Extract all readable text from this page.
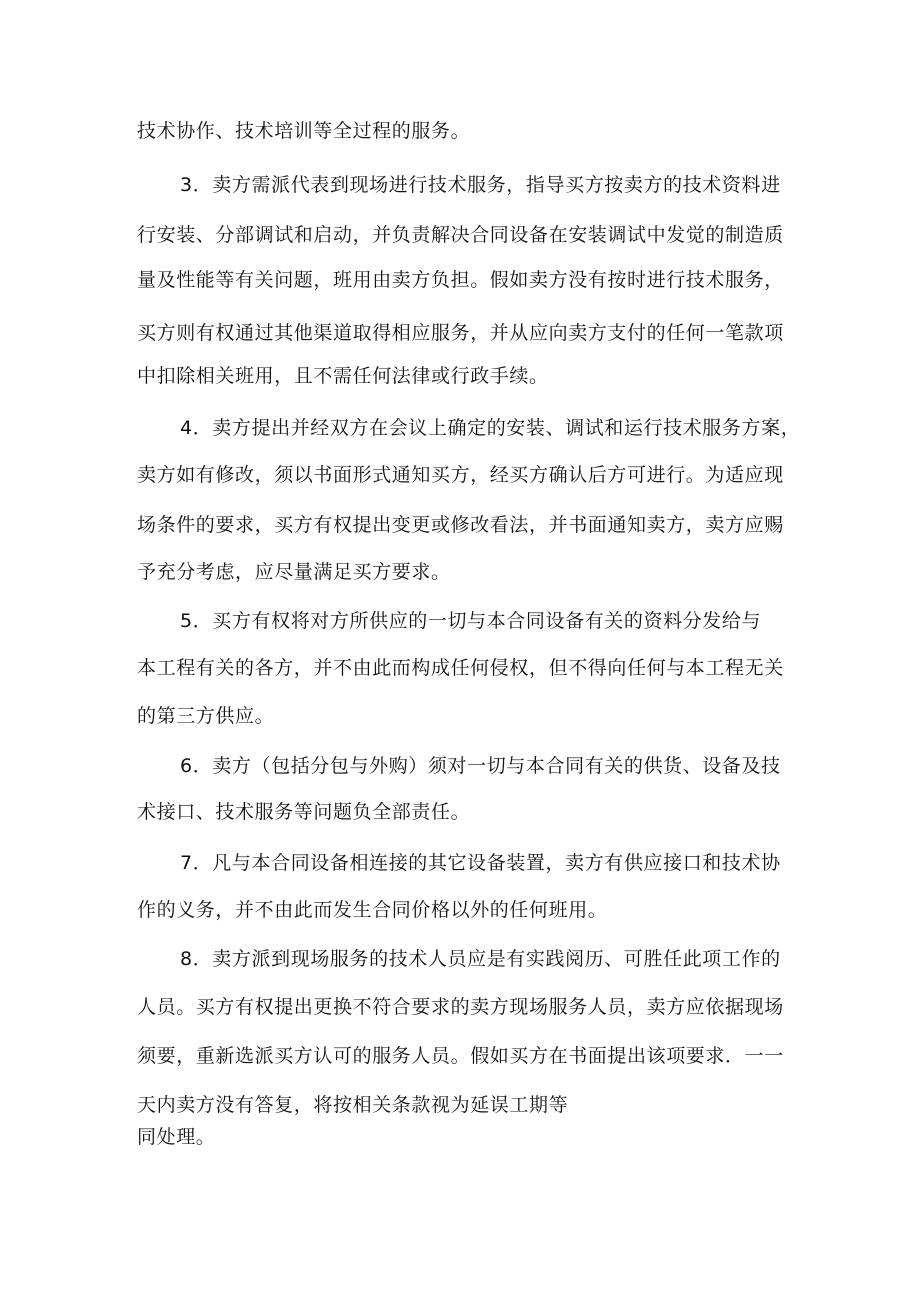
技术协作、技术培训等全过程的服务。
3．卖方需派代表到现场进行技术服务，指导买方按卖方的技术资料进
行安装、分部调试和启动，并负责解决合同设备在安装调试中发觉的制造质
量及性能等有关问题，班用由卖方负担。假如卖方没有按时进行技术服务，
买方则有权通过其他渠道取得相应服务，并从应向卖方支付的任何一笔款项
中扣除相关班用，且不需任何法律或行政手续。
4．卖方提出并经双方在会议上确定的安装、调试和运行技术服务方案，
卖方如有修改，须以书面形式通知买方，经买方确认后方可进行。为适应现
场条件的要求，买方有权提出变更或修改看法，并书面通知卖方，卖方应赐
予充分考虑，应尽量满足买方要求。
5．买方有权将对方所供应的一切与本合同设备有关的资料分发给与
本工程有关的各方，并不由此而构成任何侵权，但不得向任何与本工程无关
的第三方供应。
6．卖方（包括分包与外购）须对一切与本合同有关的供货、设备及技
术接口、技术服务等问题负全部责任。
7．凡与本合同设备相连接的其它设备装置，卖方有供应接口和技术协
作的义务，并不由此而发生合同价格以外的任何班用。
8．卖方派到现场服务的技术人员应是有实践阅历、可胜任此项工作的
人员。买方有权提出更换不符合要求的卖方现场服务人员，卖方应依据现场
须要，重新选派买方认可的服务人员。假如买方在书面提出该项要求．一一
天内卖方没有答复，将按相关条款视为延误工期等
同处理。
